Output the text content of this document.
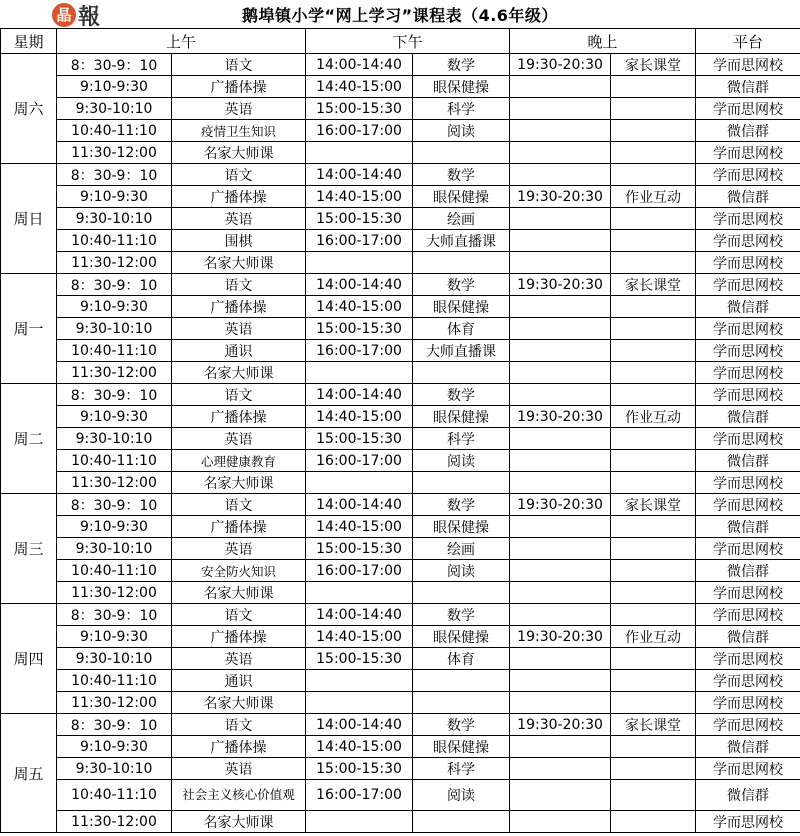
晶 報	鹅埠镇小学“网上学习”课程表（4.6年级）
星期	上午		下午		晚上		平台
周六	8：30-9：10	语文	14:00-14:40	数学	19:30-20:30	家长课堂	学而思网校
	9:10-9:30	广播体操	14:40-15:00	眼保健操			微信群
	9:30-10:10	英语	15:00-15:30	科学			学而思网校
	10:40-11:10	疫情卫生知识	16:00-17:00	阅读			微信群
	11:30-12:00	名家大师课					学而思网校
周日	8：30-9：10	语文	14:00-14:40	数学			学而思网校
	9:10-9:30	广播体操	14:40-15:00	眼保健操	19:30-20:30	作业互动	微信群
	9:30-10:10	英语	15:00-15:30	绘画			学而思网校
	10:40-11:10	围棋	16:00-17:00	大师直播课			学而思网校
	11:30-12:00	名家大师课					学而思网校
周一	8：30-9：10	语文	14:00-14:40	数学	19:30-20:30	家长课堂	学而思网校
	9:10-9:30	广播体操	14:40-15:00	眼保健操			微信群
	9:30-10:10	英语	15:00-15:30	体育			学而思网校
	10:40-11:10	通识	16:00-17:00	大师直播课			学而思网校
	11:30-12:00	名家大师课					学而思网校
周二	8：30-9：10	语文	14:00-14:40	数学			学而思网校
	9:10-9:30	广播体操	14:40-15:00	眼保健操	19:30-20:30	作业互动	微信群
	9:30-10:10	英语	15:00-15:30	科学			学而思网校
	10:40-11:10	心理健康教育	16:00-17:00	阅读			微信群
	11:30-12:00	名家大师课					学而思网校
周三	8：30-9：10	语文	14:00-14:40	数学	19:30-20:30	家长课堂	学而思网校
	9:10-9:30	广播体操	14:40-15:00	眼保健操			微信群
	9:30-10:10	英语	15:00-15:30	绘画			学而思网校
	10:40-11:10	安全防火知识	16:00-17:00	阅读			微信群
	11:30-12:00	名家大师课					学而思网校
周四	8：30-9：10	语文	14:00-14:40	数学			学而思网校
	9:10-9:30	广播体操	14:40-15:00	眼保健操	19:30-20:30	作业互动	微信群
	9:30-10:10	英语	15:00-15:30	体育			学而思网校
	10:40-11:10	通识					学而思网校
	11:30-12:00	名家大师课					学而思网校
周五	8：30-9：10	语文	14:00-14:40	数学	19:30-20:30	家长课堂	学而思网校
	9:10-9:30	广播体操	14:40-15:00	眼保健操			微信群
	9:30-10:10	英语	15:00-15:30	科学			学而思网校
	10:40-11:10	社会主义核心价值观	16:00-17:00	阅读			微信群
	11:30-12:00	名家大师课					学而思网校
